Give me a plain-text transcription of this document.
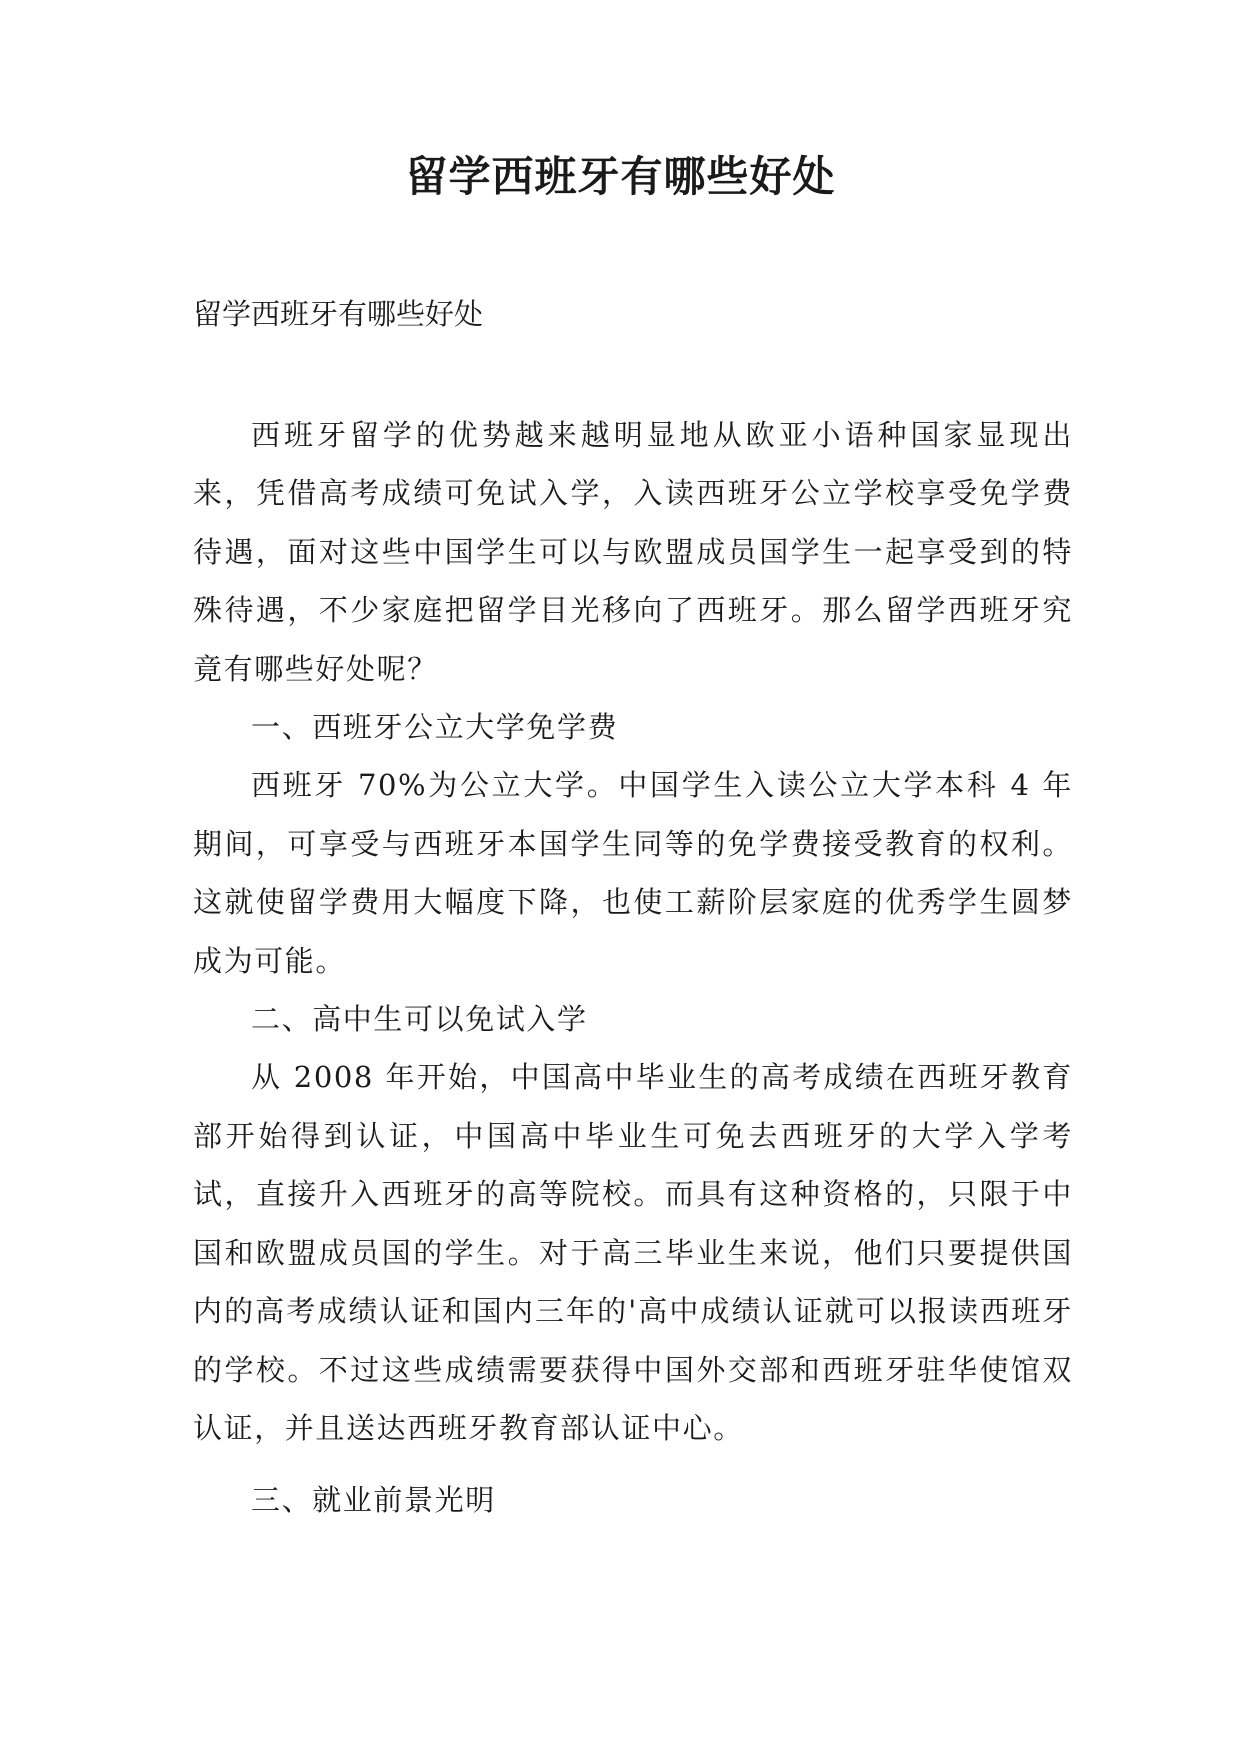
留学西班牙有哪些好处
留学西班牙有哪些好处

西班牙留学的优势越来越明显地从欧亚小语种国家显现出来，凭借高考成绩可免试入学，入读西班牙公立学校享受免学费待遇，面对这些中国学生可以与欧盟成员国学生一起享受到的特殊待遇，不少家庭把留学目光移向了西班牙。那么留学西班牙究竟有哪些好处呢？

一、西班牙公立大学免学费

西班牙 70%为公立大学。中国学生入读公立大学本科 4 年期间，可享受与西班牙本国学生同等的免学费接受教育的权利。这就使留学费用大幅度下降，也使工薪阶层家庭的优秀学生圆梦成为可能。

二、高中生可以免试入学

从 2008 年开始，中国高中毕业生的高考成绩在西班牙教育部开始得到认证，中国高中毕业生可免去西班牙的大学入学考试，直接升入西班牙的高等院校。而具有这种资格的，只限于中国和欧盟成员国的学生。对于高三毕业生来说，他们只要提供国内的高考成绩认证和国内三年的'高中成绩认证就可以报读西班牙的学校。不过这些成绩需要获得中国外交部和西班牙驻华使馆双认证，并且送达西班牙教育部认证中心。

三、就业前景光明
